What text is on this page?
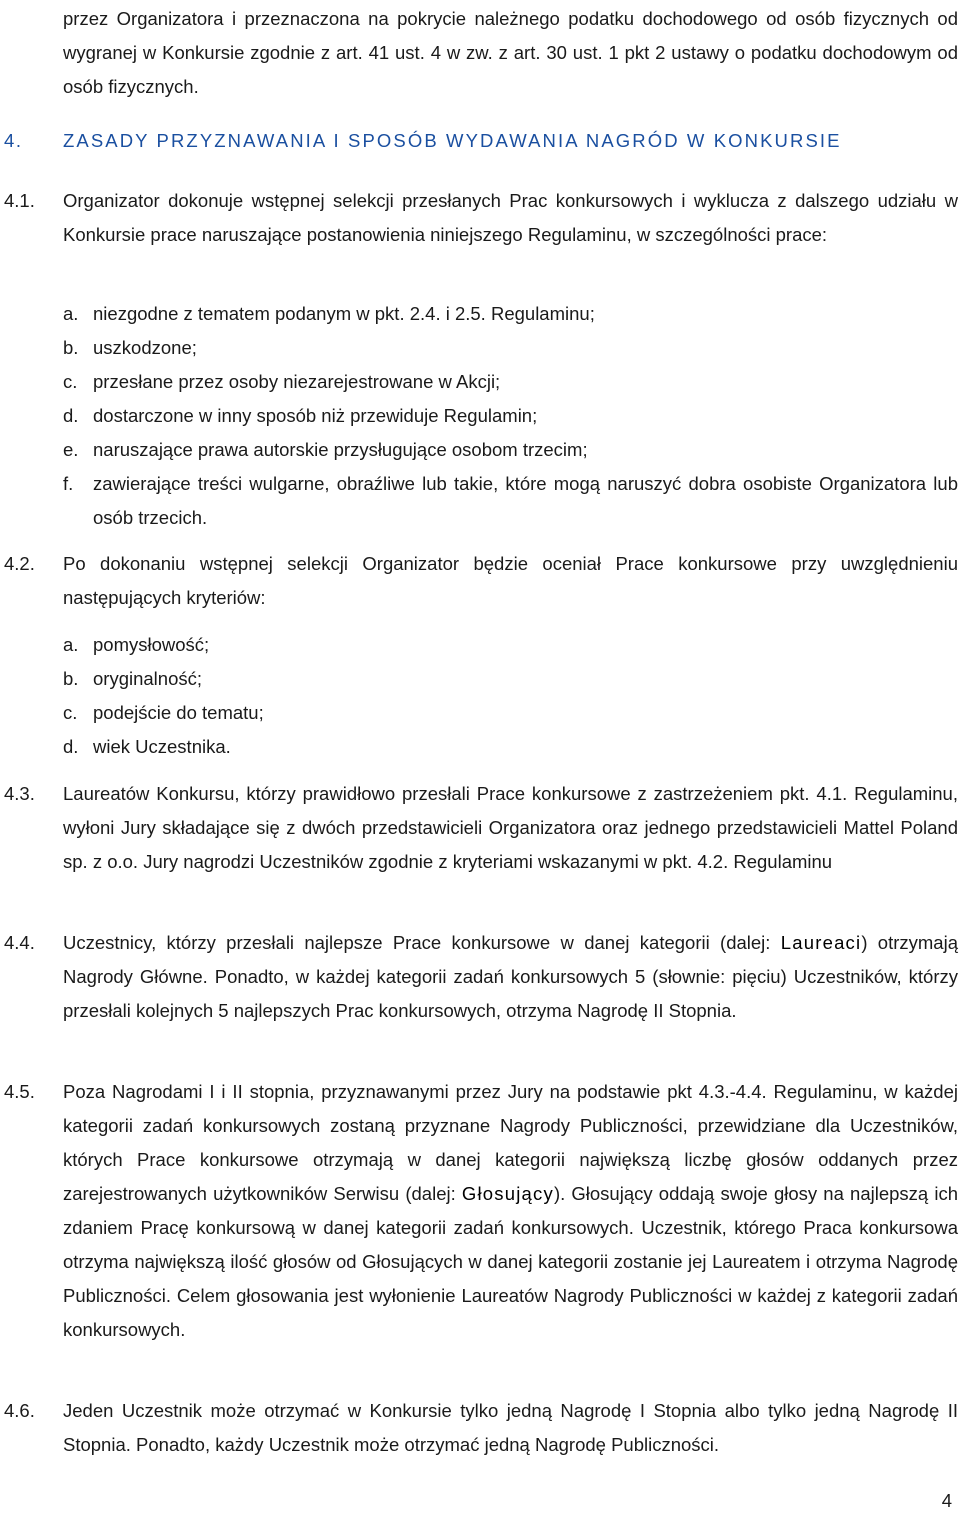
przez Organizatora i przeznaczona na pokrycie należnego podatku dochodowego od osób fizycznych od wygranej w Konkursie zgodnie z art. 41 ust. 4 w zw. z art. 30 ust. 1 pkt 2 ustawy o podatku dochodowym od osób fizycznych.
4. ZASADY PRZYZNAWANIA I SPOSÓB WYDAWANIA NAGRÓD W KONKURSIE
4.1. Organizator dokonuje wstępnej selekcji przesłanych Prac konkursowych i wyklucza z dalszego udziału w Konkursie prace naruszające postanowienia niniejszego Regulaminu, w szczególności prace:
a. niezgodne z tematem podanym w pkt. 2.4. i 2.5. Regulaminu;
b. uszkodzone;
c. przesłane przez osoby niezarejestrowane w Akcji;
d. dostarczone w inny sposób niż przewiduje Regulamin;
e. naruszające prawa autorskie przysługujące osobom trzecim;
f. zawierające treści wulgarne, obraźliwe lub takie, które mogą naruszyć dobra osobiste Organizatora lub osób trzecich.
4.2. Po dokonaniu wstępnej selekcji Organizator będzie oceniał Prace konkursowe przy uwzględnieniu następujących kryteriów:
a. pomysłowość;
b. oryginalność;
c. podejście do tematu;
d. wiek Uczestnika.
4.3. Laureatów Konkursu, którzy prawidłowo przesłali Prace konkursowe z zastrzeżeniem pkt. 4.1. Regulaminu, wyłoni Jury składające się z dwóch przedstawicieli Organizatora oraz jednego przedstawicieli Mattel Poland sp. z o.o. Jury nagrodzi Uczestników zgodnie z kryteriami wskazanymi w pkt. 4.2. Regulaminu
4.4. Uczestnicy, którzy przesłali najlepsze Prace konkursowe w danej kategorii (dalej: Laureaci) otrzymają Nagrody Główne. Ponadto, w każdej kategorii zadań konkursowych 5 (słownie: pięciu) Uczestników, którzy przesłali kolejnych 5 najlepszych Prac konkursowych, otrzyma Nagrodę II Stopnia.
4.5. Poza Nagrodami I i II stopnia, przyznawanymi przez Jury na podstawie pkt 4.3.-4.4. Regulaminu, w każdej kategorii zadań konkursowych zostaną przyznane Nagrody Publiczności, przewidziane dla Uczestników, których Prace konkursowe otrzymają w danej kategorii największą liczbę głosów oddanych przez zarejestrowanych użytkowników Serwisu (dalej: Głosujący). Głosujący oddają swoje głosy na najlepszą ich zdaniem Pracę konkursową w danej kategorii zadań konkursowych. Uczestnik, którego Praca konkursowa otrzyma największą ilość głosów od Głosujących w danej kategorii zostanie jej Laureatem i otrzyma Nagrodę Publiczności. Celem głosowania jest wyłonienie Laureatów Nagrody Publiczności w każdej z kategorii zadań konkursowych.
4.6. Jeden Uczestnik może otrzymać w Konkursie tylko jedną Nagrodę I Stopnia albo tylko jedną Nagrodę II Stopnia. Ponadto, każdy Uczestnik może otrzymać jedną Nagrodę Publiczności.
4
